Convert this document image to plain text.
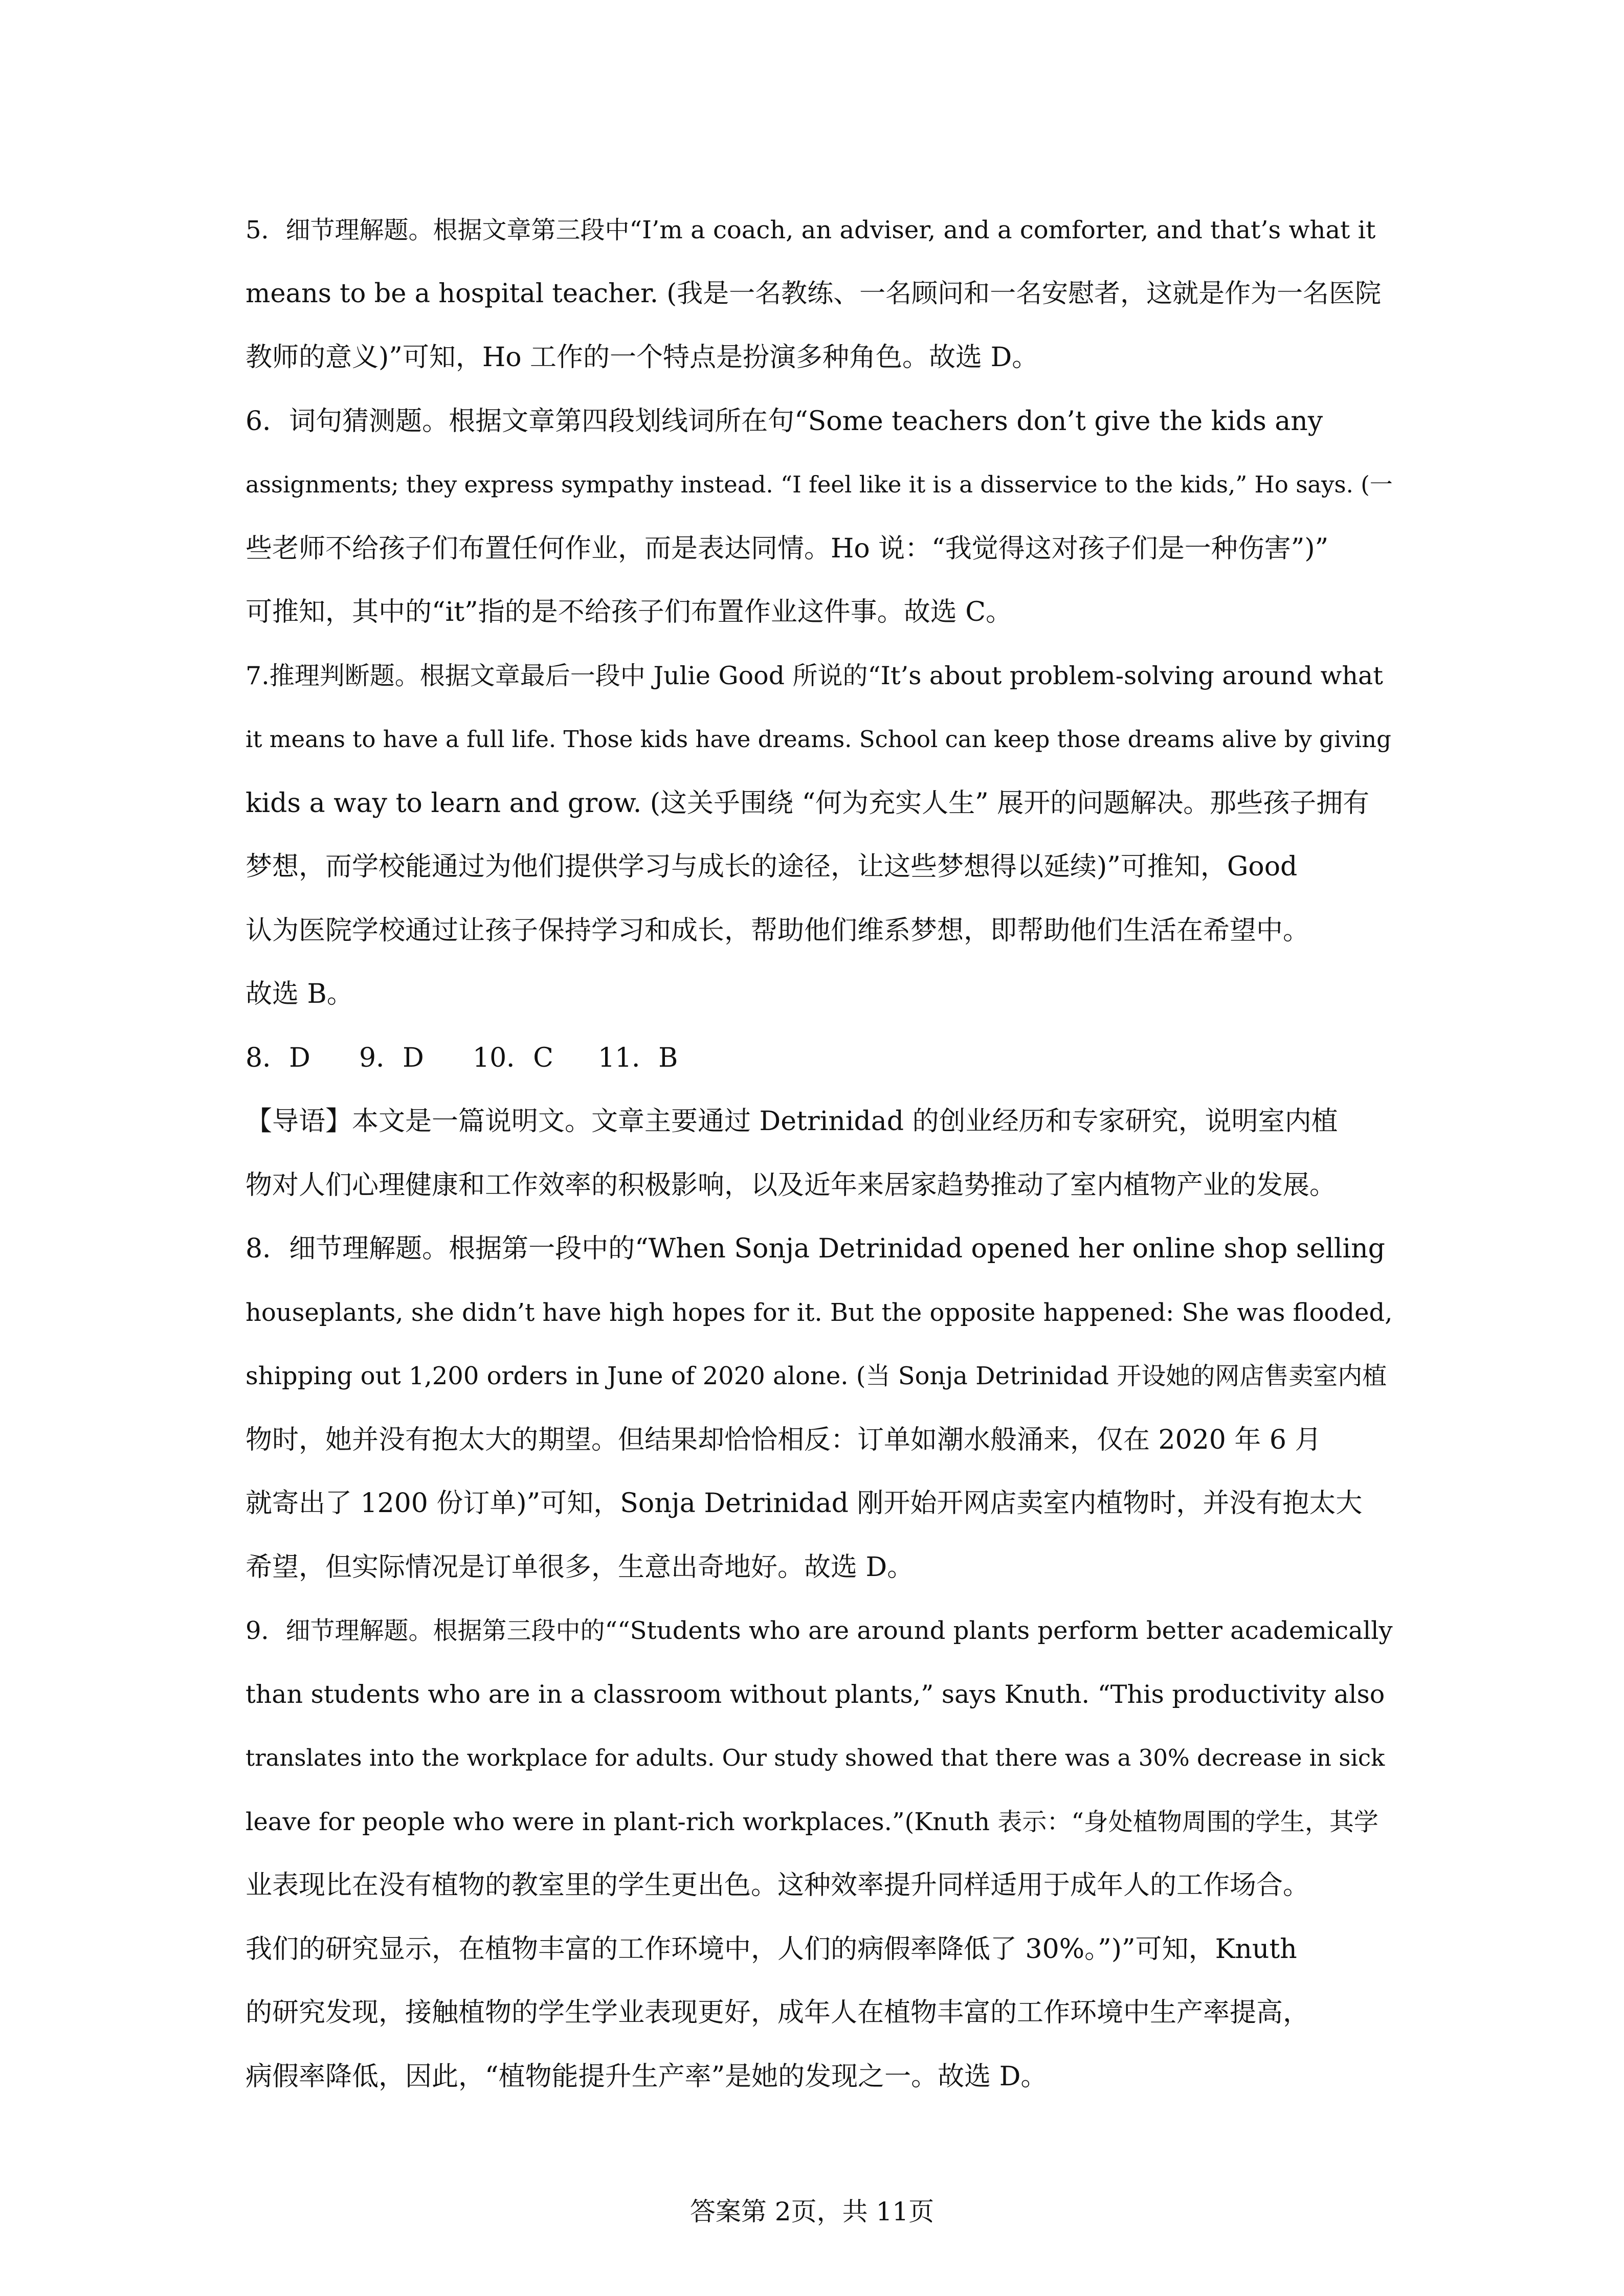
5．细节理解题。根据文章第三段中“I’m a coach, an adviser, and a comforter, and that’s what it
means to be a hospital teacher. (我是一名教练、一名顾问和一名安慰者，这就是作为一名医院
教师的意义)”可知，Ho 工作的一个特点是扮演多种角色。故选 D。
6．词句猜测题。根据文章第四段划线词所在句“Some teachers don’t give the kids any
assignments; they express sympathy instead. “I feel like it is a disservice to the kids,” Ho says. (一
些老师不给孩子们布置任何作业，而是表达同情。Ho 说：“我觉得这对孩子们是一种伤害”)”
可推知，其中的“it”指的是不给孩子们布置作业这件事。故选 C。
7.推理判断题。根据文章最后一段中 Julie Good 所说的“It’s about problem-solving around what
it means to have a full life. Those kids have dreams. School can keep those dreams alive by giving
kids a way to learn and grow. (这关乎围绕 “何为充实人生” 展开的问题解决。那些孩子拥有
梦想，而学校能通过为他们提供学习与成长的途径，让这些梦想得以延续)”可推知，Good
认为医院学校通过让孩子保持学习和成长，帮助他们维系梦想，即帮助他们生活在希望中。
故选 B。
8．D 9．D 10．C 11．B
【导语】本文是一篇说明文。文章主要通过 Detrinidad 的创业经历和专家研究，说明室内植
物对人们心理健康和工作效率的积极影响，以及近年来居家趋势推动了室内植物产业的发展。
8．细节理解题。根据第一段中的“When Sonja Detrinidad opened her online shop selling
houseplants, she didn’t have high hopes for it. But the opposite happened: She was flooded,
shipping out 1,200 orders in June of 2020 alone. (当 Sonja Detrinidad 开设她的网店售卖室内植
物时，她并没有抱太大的期望。但结果却恰恰相反：订单如潮水般涌来，仅在 2020 年 6 月
就寄出了 1200 份订单)”可知，Sonja Detrinidad 刚开始开网店卖室内植物时，并没有抱太大
希望，但实际情况是订单很多，生意出奇地好。故选 D。
9．细节理解题。根据第三段中的““Students who are around plants perform better academically
than students who are in a classroom without plants,” says Knuth. “This productivity also
translates into the workplace for adults. Our study showed that there was a 30% decrease in sick
leave for people who were in plant-rich workplaces.”(Knuth 表示：“身处植物周围的学生，其学
业表现比在没有植物的教室里的学生更出色。这种效率提升同样适用于成年人的工作场合。
我们的研究显示，在植物丰富的工作环境中，人们的病假率降低了 30%。”)”可知，Knuth
的研究发现，接触植物的学生学业表现更好，成年人在植物丰富的工作环境中生产率提高，
病假率降低，因此，“植物能提升生产率”是她的发现之一。故选 D。
答案第 2页，共 11页
